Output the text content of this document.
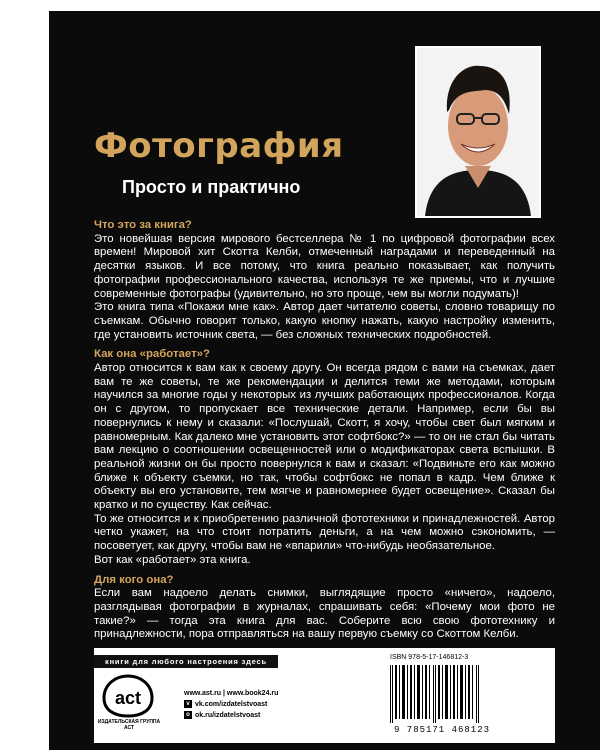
Фотография
Просто и практично
Что это за книга?

Это новейшая версия мирового бестселлера № 1 по цифровой фотографии всех времен! Мировой хит Скотта Келби, отмеченный наградами и переведенный на десятки языков. И все потому, что книга реально показывает, как получить фотографии профессионального качества, используя те же приемы, что и лучшие современные фотографы (удивительно, но это проще, чем вы могли подумать)!

Это книга типа «Покажи мне как». Автор дает читателю советы, словно товарищу по съемкам. Обычно говорит только, какую кнопку нажать, какую настройку изменить, где установить источник света, — без сложных технических подробностей.

Как она «работает»?

Автор относится к вам как к своему другу. Он всегда рядом с вами на съемках, дает вам те же советы, те же рекомендации и делится теми же методами, которым научился за многие годы у некоторых из лучших работающих профессионалов. Когда он с другом, то пропускает все технические детали. Например, если бы вы повернулись к нему и сказали: «Послушай, Скотт, я хочу, чтобы свет был мягким и равномерным. Как далеко мне установить этот софтбокс?» — то он не стал бы читать вам лекцию о соотношении освещенностей или о модификаторах света вспышки. В реальной жизни он бы просто повернулся к вам и сказал: «Подвиньте его как можно ближе к объекту съемки, но так, чтобы софтбокс не попал в кадр. Чем ближе к объекту вы его установите, тем мягче и равномернее будет освещение». Сказал бы кратко и по существу. Как сейчас.

То же относится и к приобретению различной фототехники и принадлежностей. Автор четко укажет, на что стоит потратить деньги, а на чем можно сэкономить, — посоветует, как другу, чтобы вам не «впарили» что-нибудь необязательное.

Вот как «работает» эта книга.

Для кого она?

Если вам надоело делать снимки, выглядящие просто «ничего», надоело, разглядывая фотографии в журналах, спрашивать себя: «Почему мои фото не такие?» — тогда эта книга для вас. Соберите всю свою фототехнику и принадлежности, пора отправляться на вашу первую съемку со Скоттом Келби.

книги для любого настроения здесь
act
ИЗДАТЕЛЬСКАЯ ГРУППА АСТ
www.ast.ru | www.book24.ru
v vk.com/izdatelstvoast
o ok.ru/izdatelstvoast
ISBN 978-5-17-146812-3
9 785171 468123
